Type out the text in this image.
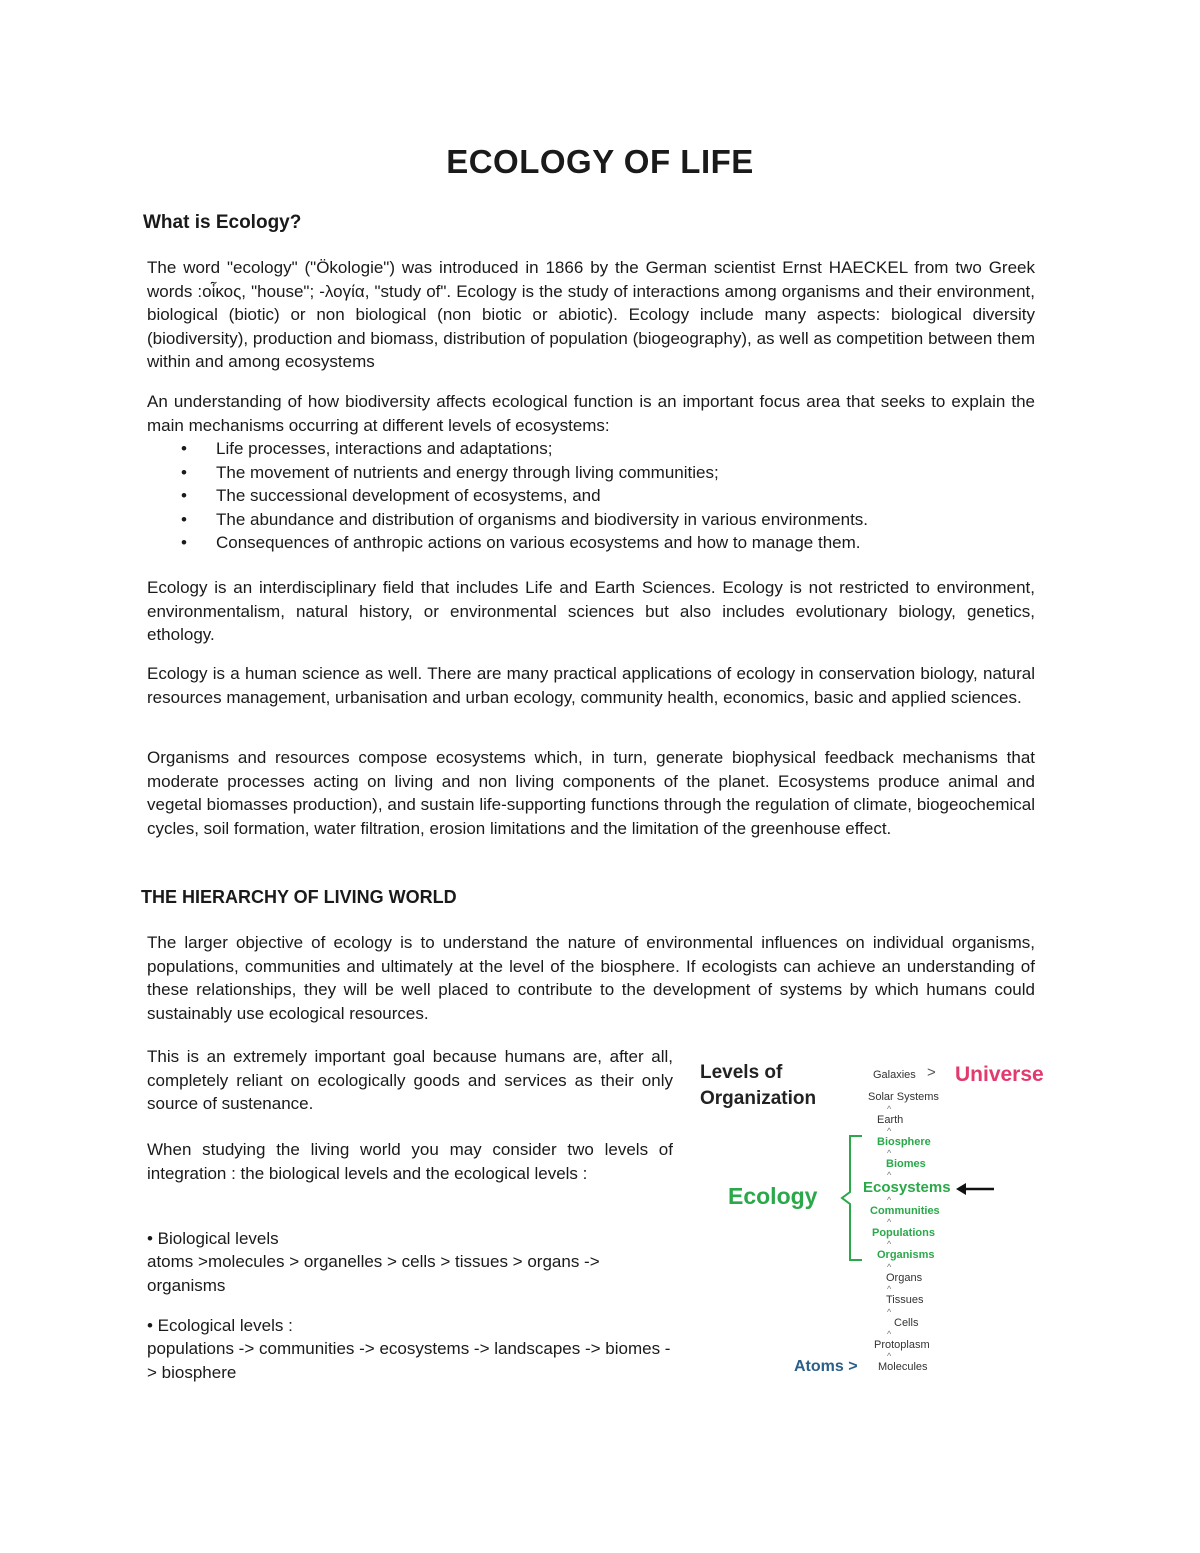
ECOLOGY OF LIFE
What is Ecology?

The word "ecology" ("Ökologie") was introduced in 1866 by the German scientist Ernst HAECKEL from two Greek words :οἶκος, "house"; -λογία, "study of". Ecology is the study of interactions among organisms and their environment, biological (biotic) or non biological (non biotic or abiotic). Ecology include many aspects: biological diversity (biodiversity), production and biomass, distribution of population (biogeography), as well as competition between them within and among ecosystems

An understanding of how biodiversity affects ecological function is an important focus area that seeks to explain the main mechanisms occurring at different levels of ecosystems:

• Life processes, interactions and adaptations;
• The movement of nutrients and energy through living communities;
• The successional development of ecosystems, and
• The abundance and distribution of organisms and biodiversity in various environments.
• Consequences of anthropic actions on various ecosystems and how to manage them.

Ecology is an interdisciplinary field that includes Life and Earth Sciences. Ecology is not restricted to environment, environmentalism, natural history, or environmental sciences but also includes evolutionary biology, genetics, ethology.

Ecology is a human science as well. There are many practical applications of ecology in conservation biology, natural resources management, urbanisation and urban ecology, community health, economics, basic and applied sciences.

Organisms and resources compose ecosystems which, in turn, generate biophysical feedback mechanisms that moderate processes acting on living and non living components of the planet. Ecosystems produce animal and vegetal biomasses production), and sustain life-supporting functions through the regulation of climate, biogeochemical cycles, soil formation, water filtration, erosion limitations and the limitation of the greenhouse effect.

THE HIERARCHY OF LIVING WORLD

The larger objective of ecology is to understand the nature of environmental influences on individual organisms, populations, communities and ultimately at the level of the biosphere. If ecologists can achieve an understanding of these relationships, they will be well placed to contribute to the development of systems by which humans could sustainably use ecological resources.

This is an extremely important goal because humans are, after all, completely reliant on ecologically goods and services as their only source of sustenance.

When studying the living world you may consider two levels of integration : the biological levels and the ecological levels :

• Biological levels
atoms >molecules > organelles > cells > tissues > organs -> organisms
• Ecological levels :
populations -> communities -> ecosystems -> landscapes -> biomes -> biosphere
Levels of
Organization
Universe
Ecology
Atoms >
Galaxies >
Solar Systems
^
Earth
^
Biosphere
^
Biomes
^
Ecosystems
^
Communities
^
Populations
^
Organisms
^
Organs
^
Tissues
^
Cells
^
Protoplasm
^
Molecules
